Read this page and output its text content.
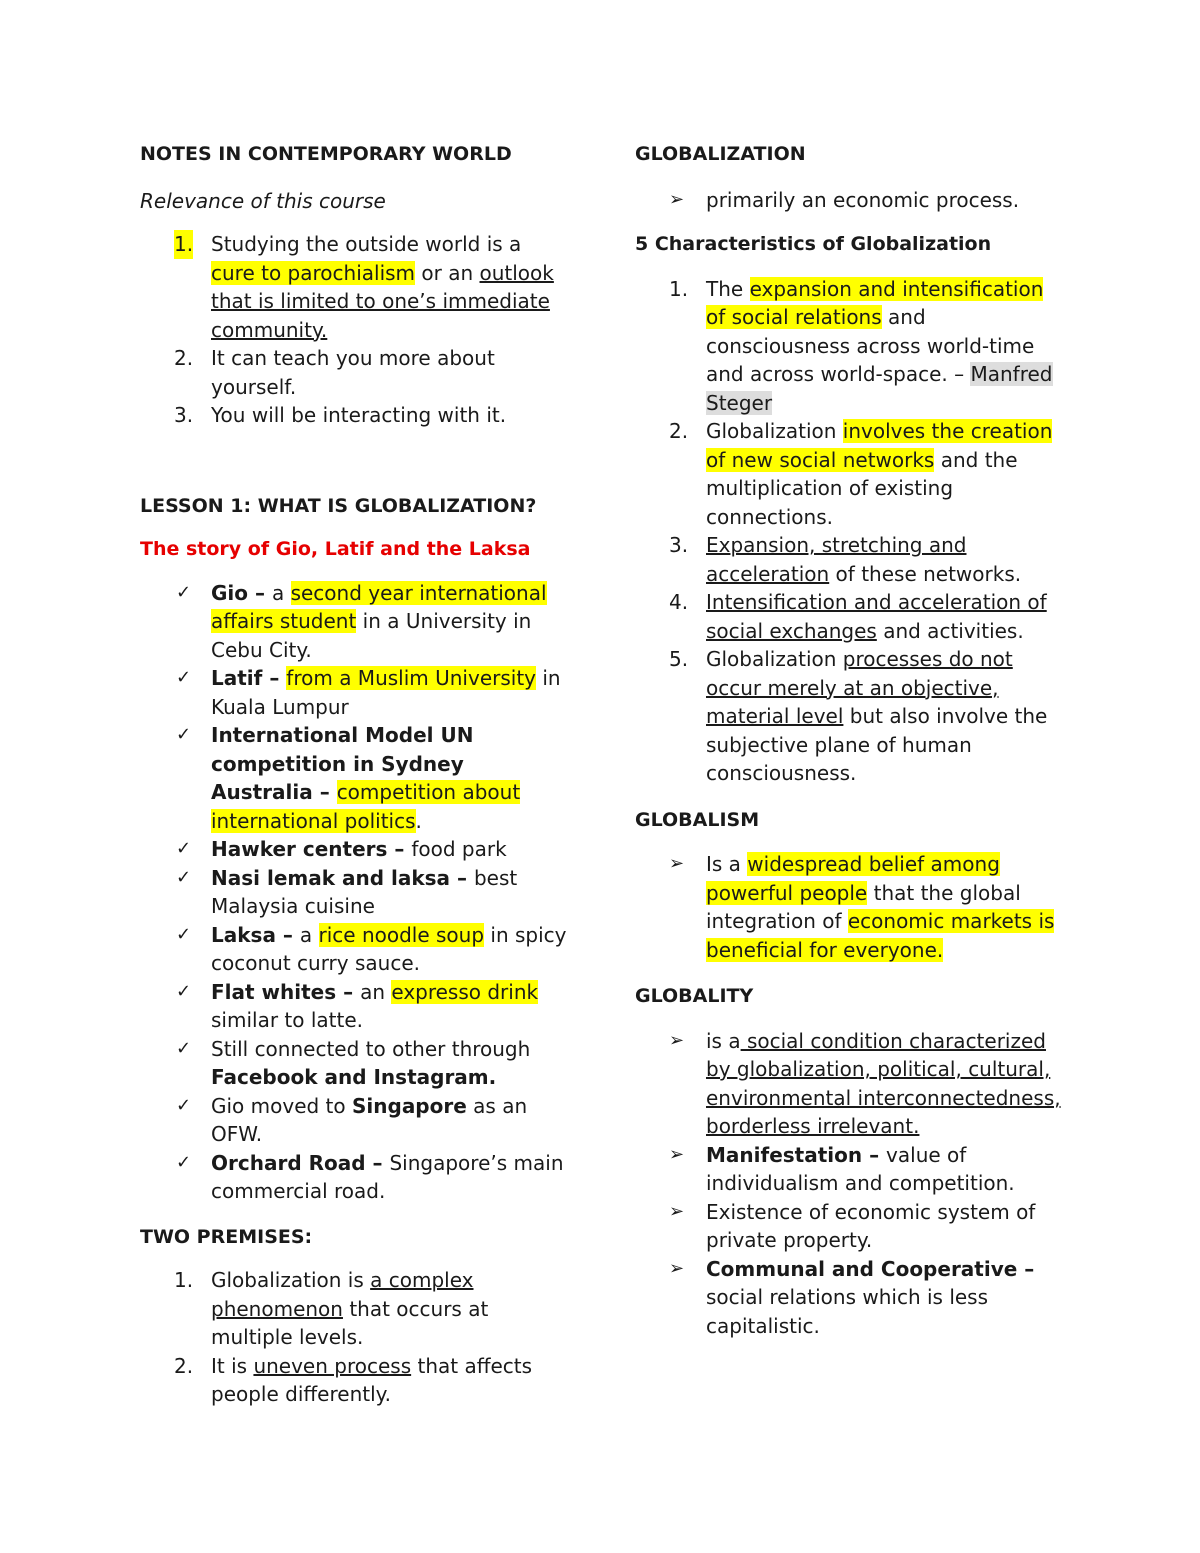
NOTES IN CONTEMPORARY WORLD

Relevance of this course

1. Studying the outside world is a cure to parochialism or an outlook that is limited to one’s immediate community.
2. It can teach you more about yourself.
3. You will be interacting with it.

LESSON 1: WHAT IS GLOBALIZATION?

The story of Gio, Latif and the Laksa

✓ Gio – a second year international affairs student in a University in Cebu City.
✓ Latif – from a Muslim University in Kuala Lumpur
✓ International Model UN competition in Sydney Australia – competition about international politics.
✓ Hawker centers – food park
✓ Nasi lemak and laksa – best Malaysia cuisine
✓ Laksa – a rice noodle soup in spicy coconut curry sauce.
✓ Flat whites – an expresso drink similar to latte.
✓ Still connected to other through Facebook and Instagram.
✓ Gio moved to Singapore as an OFW.
✓ Orchard Road – Singapore’s main commercial road.

TWO PREMISES:

1. Globalization is a complex phenomenon that occurs at multiple levels.
2. It is uneven process that affects people differently.

GLOBALIZATION

➢ primarily an economic process.

5 Characteristics of Globalization

1. The expansion and intensification of social relations and consciousness across world-time and across world-space. – Manfred Steger
2. Globalization involves the creation of new social networks and the multiplication of existing connections.
3. Expansion, stretching and acceleration of these networks.
4. Intensification and acceleration of social exchanges and activities.
5. Globalization processes do not occur merely at an objective, material level but also involve the subjective plane of human consciousness.

GLOBALISM

➢ Is a widespread belief among powerful people that the global integration of economic markets is beneficial for everyone.

GLOBALITY

➢ is a social condition characterized by globalization, political, cultural, environmental interconnectedness, borderless irrelevant.
➢ Manifestation – value of individualism and competition.
➢ Existence of economic system of private property.
➢ Communal and Cooperative – social relations which is less capitalistic.
